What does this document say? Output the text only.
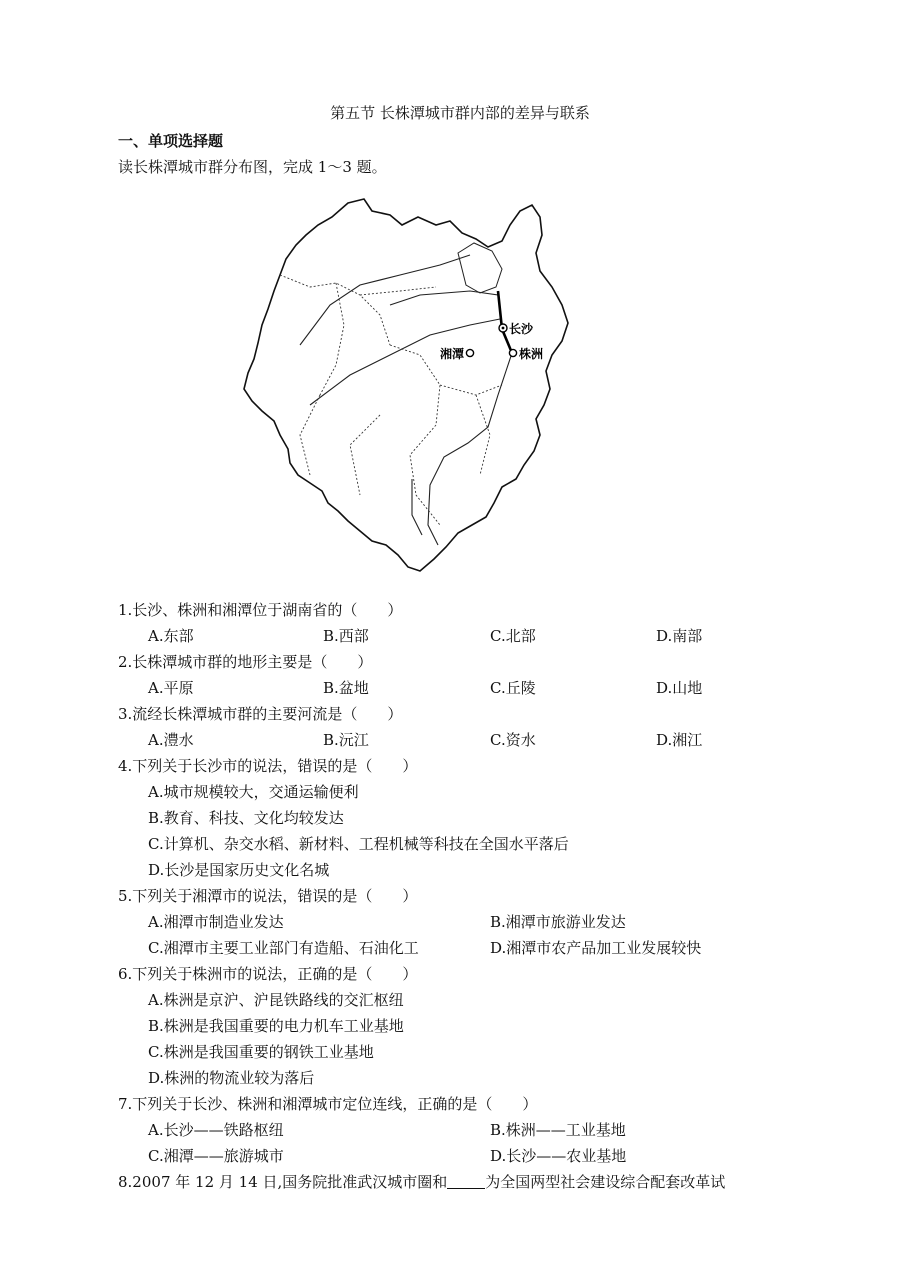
第五节 长株潭城市群内部的差异与联系
一、单项选择题
读长株潭城市群分布图，完成 1～3 题。
长沙
湘潭	株洲
1.长沙、株洲和湘潭位于湖南省的（　　）
A.东部	B.西部	C.北部	D.南部
2.长株潭城市群的地形主要是（　　）
A.平原	B.盆地	C.丘陵	D.山地
3.流经长株潭城市群的主要河流是（　　）
A.澧水	B.沅江	C.资水	D.湘江
4.下列关于长沙市的说法，错误的是（　　）
A.城市规模较大，交通运输便利
B.教育、科技、文化均较发达
C.计算机、杂交水稻、新材料、工程机械等科技在全国水平落后
D.长沙是国家历史文化名城
5.下列关于湘潭市的说法，错误的是（　　）
A.湘潭市制造业发达	B.湘潭市旅游业发达
C.湘潭市主要工业部门有造船、石油化工	D.湘潭市农产品加工业发展较快
6.下列关于株洲市的说法，正确的是（　　）
A.株洲是京沪、沪昆铁路线的交汇枢纽
B.株洲是我国重要的电力机车工业基地
C.株洲是我国重要的钢铁工业基地
D.株洲的物流业较为落后
7.下列关于长沙、株洲和湘潭城市定位连线，正确的是（　　）
A.长沙——铁路枢纽	B.株洲——工业基地
C.湘潭——旅游城市	D.长沙——农业基地
8.2007 年 12 月 14 日,国务院批准武汉城市圈和	为全国两型社会建设综合配套改革试
